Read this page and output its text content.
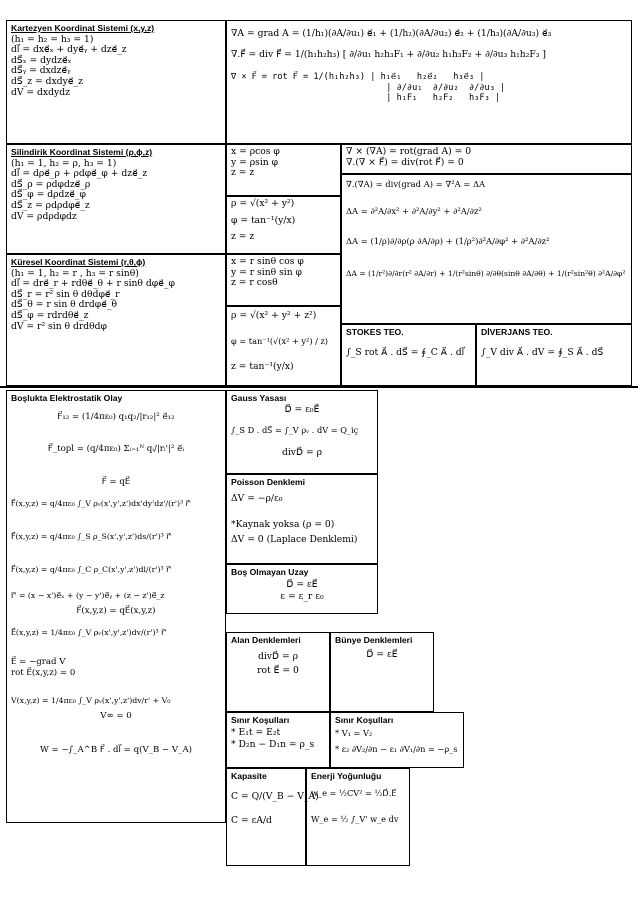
Kartezyen Koordinat Sistemi (x,y,z)
(h₁ = h₂ = h₃ = 1)
dl⃗ = dxe⃗ₓ + dye⃗ᵧ + dze⃗_z
dS⃗ₓ = dydze⃗ₓ
dS⃗ᵧ = dxdze⃗ᵧ
dS⃗_z = dxdye⃗_z
dV = dxdydz
∇A = grad A = (1/h₁)(∂A/∂u₁) e⃗₁ + (1/h₂)(∂A/∂u₂) e⃗₂ + (1/h₃)(∂A/∂u₃) e⃗₃
∇.F⃗ = div F⃗ = 1/(h₁h₂h₃) [ ∂/∂u₁ h₂h₃F₁ + ∂/∂u₂ h₁h₃F₂ + ∂/∂u₃ h₁h₂F₃ ]
∇ × F⃗ = rot F⃗ = 1/(h₁h₂h₃) | h₁e⃗₁   h₂e⃗₂   h₃e⃗₃ |
| ∂/∂u₁  ∂/∂u₂  ∂/∂u₃ |
| h₁F₁   h₂F₂   h₃F₃ |
Silindirik Koordinat Sistemi (ρ,ϕ,z)
(h₁ = 1, h₂ = ρ, h₃ = 1)
dl⃗ = dρe⃗_ρ + ρdφe⃗_φ + dze⃗_z
dS⃗_ρ = ρdφdze⃗_ρ
dS⃗_φ = dρdze⃗_φ
dS⃗_z = ρdρdφe⃗_z
dV = ρdρdφdz
x = ρcos φ
y = ρsin φ
z = z
ρ = √(x² + y²)
φ = tan⁻¹(y/x)
z = z
∇ × (∇A) = rot(grad A) = 0
∇.(∇ × F⃗) = div(rot F⃗) = 0
∇.(∇A) = div(grad A) = ∇²A = ΔA
ΔA = ∂²A/∂x² + ∂²A/∂y² + ∂²A/∂z²
ΔA = (1/ρ)∂/∂ρ(ρ ∂A/∂ρ) + (1/ρ²)∂²A/∂φ² + ∂²A/∂z²
ΔA = (1/r²)∂/∂r(r² ∂A/∂r) + 1/(r²sinθ) ∂/∂θ(sinθ ∂A/∂θ) + 1/(r²sin²θ) ∂²A/∂φ²
Küresel Koordinat Sistemi (r,θ,ϕ)
(h₁ = 1, h₂ = r , h₃ = r sinθ)
dl⃗ = dre⃗_r + rdθe⃗_θ + r sinθ dφe⃗_φ
dS⃗_r = r² sin θ dθdφe⃗_r
dS⃗_θ = r sin θ drdφe⃗_θ
dS⃗_φ = rdrdθe⃗_z
dV = r² sin θ drdθdφ
x = r sinθ cos φ
y = r sinθ sin φ
z = r cosθ
ρ = √(x² + y² + z²)
φ = tan⁻¹(√(x² + y²) / z)
z = tan⁻¹(y/x)
STOKES TEO.
∫_S rot A⃗ . dS⃗ = ∮_C A⃗ . dl⃗
DİVERJANS TEO.
∫_V div A⃗ . dV = ∮_S A⃗ . dS⃗
Boşlukta Elektrostatik Olay
F⃗₁₂ = (1/4πε₀) q₁q₂/|r₁₂|² e⃗₁₂
F⃗_topl = (q/4πε₀) Σᵢ₌₁ᴺ qᵢ/|rᵢ'|² e⃗ᵢ
F⃗ = qE⃗
F⃗(x,y,z) = q/4πε₀ ∫_V ρᵥ(x',y',z')dx'dy'dz'/(r')³ r⃗'
F⃗(x,y,z) = q/4πε₀ ∫_S ρ_S(x',y',z')ds/(r')³ r⃗'
F⃗(x,y,z) = q/4πε₀ ∫_C ρ_C(x',y',z')dl/(r')³ r⃗'
r⃗' = (x − x')e⃗ₓ + (y − y')e⃗ᵧ + (z − z')e⃗_z
F⃗(x,y,z) = qE⃗(x,y,z)
E⃗(x,y,z) = 1/4πε₀ ∫_V ρᵥ(x',y',z')dv/(r')³ r⃗'
E⃗ = −grad V
rot E⃗(x,y,z) = 0
V(x,y,z) = 1/4πε₀ ∫_V ρᵥ(x',y',z')dv/r' + V₀
V∞ = 0
W = −∫_A^B F⃗ . dl⃗ = q(V_B − V_A)
Gauss Yasası
D⃗ = ε₀E⃗
∫_S D . dS⃗ = ∫_V ρᵥ . dV = Q_iç
divD⃗ = ρ
Poisson Denklemi
ΔV = −ρ/ε₀
*Kaynak yoksa (ρ = 0)
ΔV = 0 (Laplace Denklemi)
Boş Olmayan Uzay
D⃗ = εE⃗
ε = ε_r ε₀
Alan Denklemleri
divD⃗ = ρ
rot E⃗ = 0
Bünye Denklemleri
D⃗ = εE⃗
Sınır Koşulları
* E₁t = E₂t
* D₂n − D₁n = ρ_s
Sınır Koşulları
* V₁ = V₂
* ε₂ ∂V₂/∂n − ε₁ ∂V₁/∂n = −ρ_s
Kapasite
C = Q/(V_B − V_A)
C = εA/d
Enerji Yoğunluğu
w_e = ½CV² = ½D⃗.E⃗
W_e = ½ ∫_V' w_e dv
